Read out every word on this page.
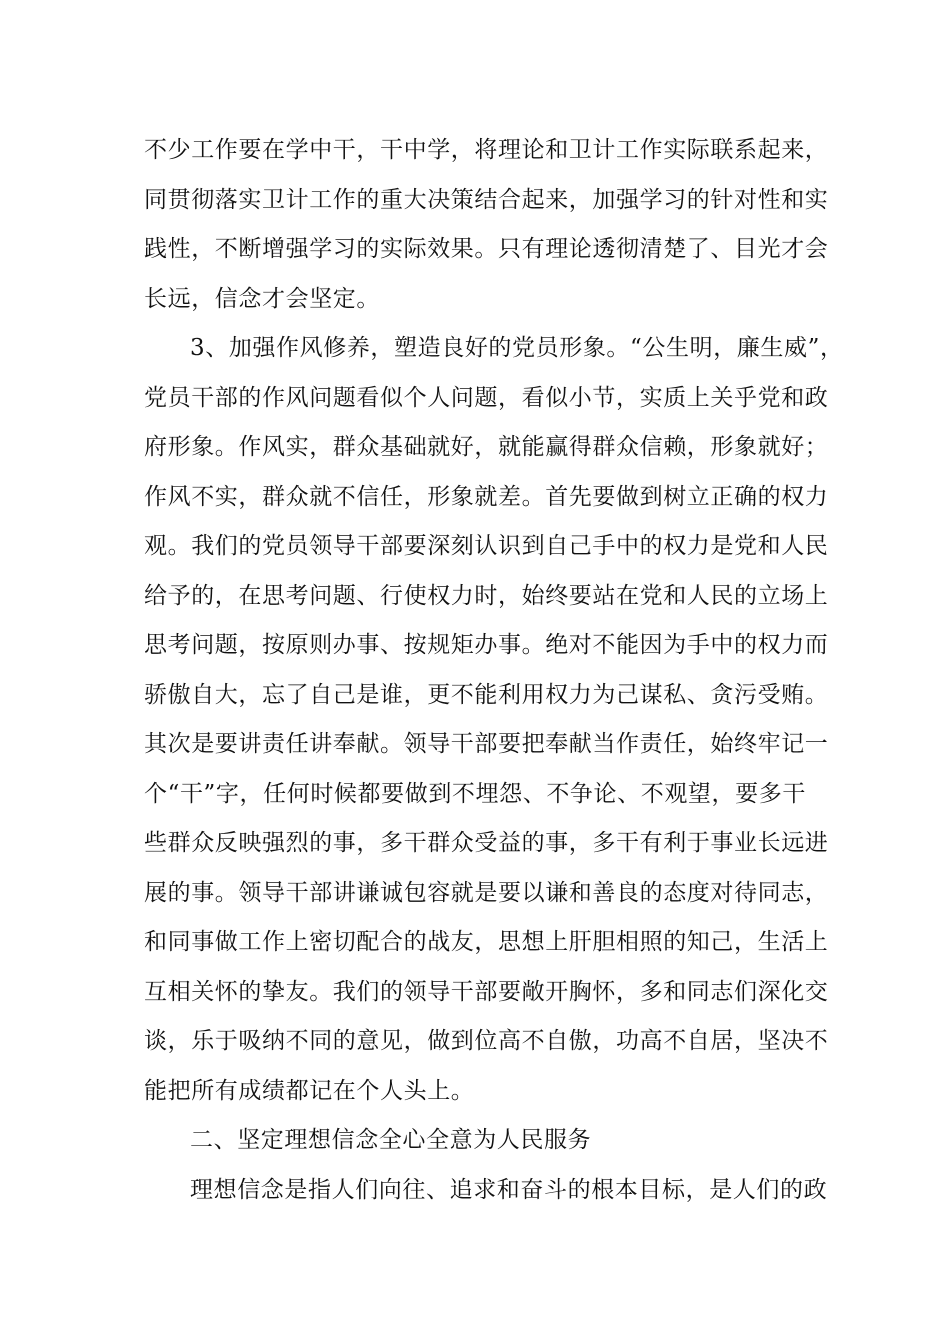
不少工作要在学中干，干中学，将理论和卫计工作实际联系起来，
同贯彻落实卫计工作的重大决策结合起来，加强学习的针对性和实
践性，不断增强学习的实际效果。只有理论透彻清楚了、目光才会
长远，信念才会坚定。
3、加强作风修养，塑造良好的党员形象。“公生明，廉生威”，
党员干部的作风问题看似个人问题，看似小节，实质上关乎党和政
府形象。作风实，群众基础就好，就能赢得群众信赖，形象就好；
作风不实，群众就不信任，形象就差。首先要做到树立正确的权力
观。我们的党员领导干部要深刻认识到自己手中的权力是党和人民
给予的，在思考问题、行使权力时，始终要站在党和人民的立场上
思考问题，按原则办事、按规矩办事。绝对不能因为手中的权力而
骄傲自大，忘了自己是谁，更不能利用权力为己谋私、贪污受贿。
其次是要讲责任讲奉献。领导干部要把奉献当作责任，始终牢记一
个“干”字，任何时候都要做到不埋怨、不争论、不观望，要多干
些群众反映强烈的事，多干群众受益的事，多干有利于事业长远进
展的事。领导干部讲谦诚包容就是要以谦和善良的态度对待同志，
和同事做工作上密切配合的战友，思想上肝胆相照的知己，生活上
互相关怀的挚友。我们的领导干部要敞开胸怀，多和同志们深化交
谈，乐于吸纳不同的意见，做到位高不自傲，功高不自居，坚决不
能把所有成绩都记在个人头上。
二、坚定理想信念全心全意为人民服务
理想信念是指人们向往、追求和奋斗的根本目标，是人们的政
